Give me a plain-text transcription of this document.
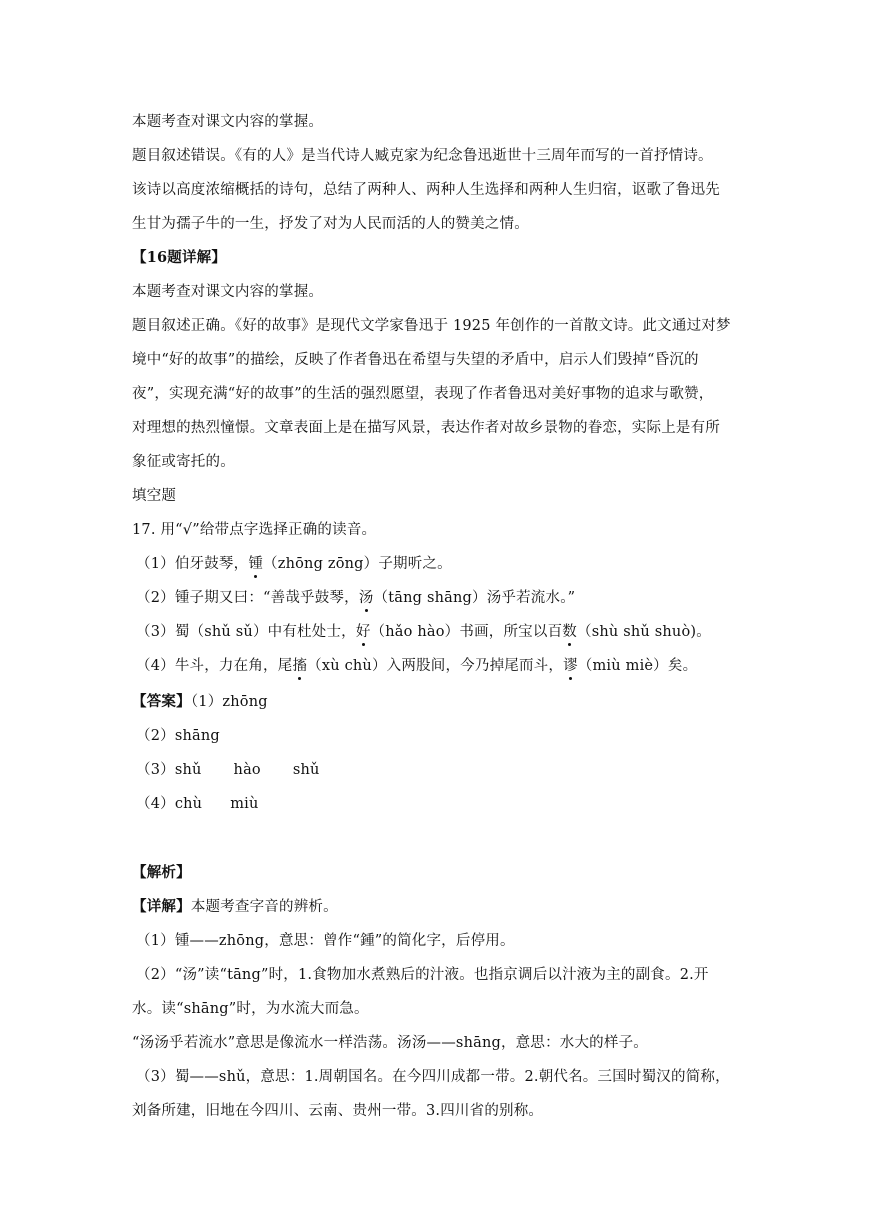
本题考查对课文内容的掌握。
题目叙述错误。《有的人》是当代诗人臧克家为纪念鲁迅逝世十三周年而写的一首抒情诗。
该诗以高度浓缩概括的诗句，总结了两种人、两种人生选择和两种人生归宿，讴歌了鲁迅先
生甘为孺子牛的一生，抒发了对为人民而活的人的赞美之情。
【16题详解】
本题考查对课文内容的掌握。
题目叙述正确。《好的故事》是现代文学家鲁迅于 1925 年创作的一首散文诗。此文通过对梦
境中“好的故事”的描绘，反映了作者鲁迅在希望与失望的矛盾中，启示人们毁掉“昏沉的
夜”，实现充满“好的故事”的生活的强烈愿望，表现了作者鲁迅对美好事物的追求与歌赞，
对理想的热烈憧憬。文章表面上是在描写风景，表达作者对故乡景物的眷恋，实际上是有所
象征或寄托的。
填空题
17. 用“√”给带点字选择正确的读音。
（1）伯牙鼓琴，锺（zhōng zōng）子期听之。
（2）锺子期又曰：“善哉乎鼓琴，汤（tāng shāng）汤乎若流水。”
（3）蜀（shǔ sǔ）中有杜处士，好（hǎo hào）书画，所宝以百数（shù shǔ shuò)。
（4）牛斗，力在角，尾搐（xù chù）入两股间，今乃掉尾而斗，谬（miù miè）矣。
【答案】（1）zhōng
（2）shāng
（3）shǔ hào shǔ
（4）chù miù
【解析】
【详解】本题考查字音的辨析。
（1）锺——zhōng，意思：曾作“鍾”的简化字，后停用。
（2）“汤”读“tāng”时，1.食物加水煮熟后的汁液。也指京调后以汁液为主的副食。2.开
水。读“shāng”时，为水流大而急。
“汤汤乎若流水”意思是像流水一样浩荡。汤汤——shāng，意思：水大的样子。
（3）蜀——shǔ，意思：1.周朝国名。在今四川成都一带。2.朝代名。三国时蜀汉的简称，
刘备所建，旧地在今四川、云南、贵州一带。3.四川省的别称。
